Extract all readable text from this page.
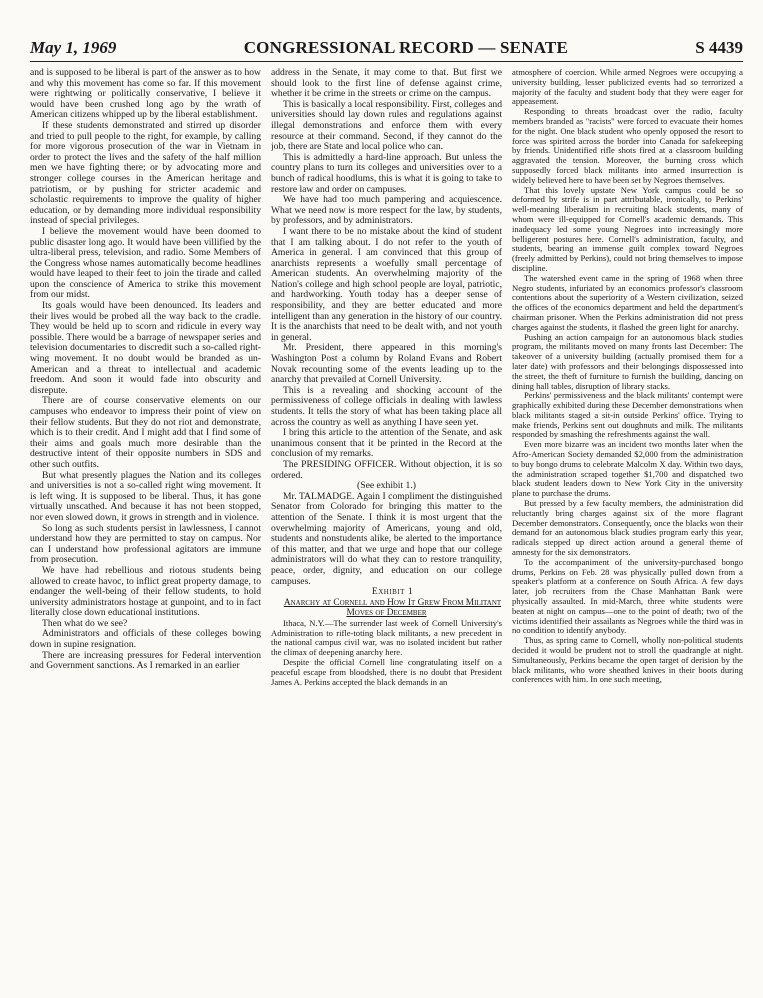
May 1, 1969	CONGRESSIONAL RECORD — SENATE	S 4439

and is supposed to be liberal is part of the answer as to how and why this movement has come so far. If this movement were rightwing or politically conservative, I believe it would have been crushed long ago by the wrath of American citizens whipped up by the liberal establishment.

If these students demonstrated and stirred up disorder and tried to pull people to the right, for example, by calling for more vigorous prosecution of the war in Vietnam in order to protect the lives and the safety of the half million men we have fighting there; or by advocating more and stronger college courses in the American heritage and patriotism, or by pushing for stricter academic and scholastic requirements to improve the quality of higher education, or by demanding more individual responsibility instead of special privileges.

I believe the movement would have been doomed to public disaster long ago. It would have been villified by the ultra-liberal press, television, and radio. Some Members of the Congress whose names automatically become headlines would have leaped to their feet to join the tirade and called upon the conscience of America to strike this movement from our midst.

Its goals would have been denounced. Its leaders and their lives would be probed all the way back to the cradle. They would be held up to scorn and ridicule in every way possible. There would be a barrage of newspaper series and television documentaries to discredit such a so-called right-wing movement. It no doubt would be branded as un-American and a threat to intellectual and academic freedom. And soon it would fade into obscurity and disrepute.

There are of course conservative elements on our campuses who endeavor to impress their point of view on their fellow students. But they do not riot and demonstrate, which is to their credit. And I might add that I find some of their aims and goals much more desirable than the destructive intent of their opposite numbers in SDS and other such outfits.

But what presently plagues the Nation and its colleges and universities is not a so-called right wing movement. It is left wing. It is supposed to be liberal. Thus, it has gone virtually unscathed. And because it has not been stopped, nor even slowed down, it grows in strength and in violence.

So long as such students persist in lawlessness, I cannot understand how they are permitted to stay on campus. Nor can I understand how professional agitators are immune from prosecution.

We have had rebellious and riotous students being allowed to create havoc, to inflict great property damage, to endanger the well-being of their fellow students, to hold university administrators hostage at gunpoint, and to in fact literally close down educational institutions.

Then what do we see?

Administrators and officials of these colleges bowing down in supine resignation.

There are increasing pressures for Federal intervention and Government sanctions. As I remarked in an earlier

address in the Senate, it may come to that. But first we should look to the first line of defense against crime, whether it be crime in the streets or crime on the campus.

This is basically a local responsibility. First, colleges and universities should lay down rules and regulations against illegal demonstrations and enforce them with every resource at their command. Second, if they cannot do the job, there are State and local police who can.

This is admittedly a hard-line approach. But unless the country plans to turn its colleges and universities over to a bunch of radical hoodlums, this is what it is going to take to restore law and order on campuses.

We have had too much pampering and acquiescence. What we need now is more respect for the law, by students, by professors, and by administrators.

I want there to be no mistake about the kind of student that I am talking about. I do not refer to the youth of America in general. I am convinced that this group of anarchists represents a woefully small percentage of American students. An overwhelming majority of the Nation's college and high school people are loyal, patriotic, and hardworking. Youth today has a deeper sense of responsibility, and they are better educated and more intelligent than any generation in the history of our country. It is the anarchists that need to be dealt with, and not youth in general.

Mr. President, there appeared in this morning's Washington Post a column by Roland Evans and Robert Novak recounting some of the events leading up to the anarchy that prevailed at Cornell University.

This is a revealing and shocking account of the permissiveness of college officials in dealing with lawless students. It tells the story of what has been taking place all across the country as well as anything I have seen yet.

I bring this article to the attention of the Senate, and ask unanimous consent that it be printed in the Record at the conclusion of my remarks.

The PRESIDING OFFICER. Without objection, it is so ordered.

(See exhibit 1.)

Mr. TALMADGE. Again I compliment the distinguished Senator from Colorado for bringing this matter to the attention of the Senate. I think it is most urgent that the overwhelming majority of Americans, young and old, students and nonstudents alike, be alerted to the importance of this matter, and that we urge and hope that our college administrators will do what they can to restore tranquility, peace, order, dignity, and education on our college campuses.

Exhibit 1

Anarchy at Cornell and How It Grew From Militant Moves of December

Ithaca, N.Y.—The surrender last week of Cornell University's Administration to rifle-toting black militants, a new precedent in the national campus civil war, was no isolated incident but rather the climax of deepening anarchy here.

Despite the official Cornell line congratulating itself on a peaceful escape from bloodshed, there is no doubt that President James A. Perkins accepted the black demands in an

atmosphere of coercion. While armed Negroes were occupying a university building, lesser publicized events had so terrorized a majority of the faculty and student body that they were eager for appeasement.

Responding to threats broadcast over the radio, faculty members branded as "racists" were forced to evacuate their homes for the night. One black student who openly opposed the resort to force was spirited across the border into Canada for safekeeping by friends. Unidentified rifle shots fired at a classroom building aggravated the tension. Moreover, the burning cross which supposedly forced black militants into armed insurrection is widely believed here to have been set by Negroes themselves.

That this lovely upstate New York campus could be so deformed by strife is in part attributable, ironically, to Perkins' well-meaning liberalism in recruiting black students, many of whom were ill-equipped for Cornell's academic demands. This inadequacy led some young Negroes into increasingly more belligerent postures here. Cornell's administration, faculty, and students, bearing an immense guilt complex toward Negroes (freely admitted by Perkins), could not bring themselves to impose discipline.

The watershed event came in the spring of 1968 when three Negro students, infuriated by an economics professor's classroom contentions about the superiority of a Western civilization, seized the offices of the economics department and held the department's chairman prisoner. When the Perkins administration did not press charges against the students, it flashed the green light for anarchy.

Pushing an action campaign for an autonomous black studies program, the militants moved on many fronts last December: The takeover of a university building (actually promised them for a later date) with professors and their belongings dispossessed into the street, the theft of furniture to furnish the building, dancing on dining hall tables, disruption of library stacks.

Perkins' permissiveness and the black militants' contempt were graphically exhibited during these December demonstrations when black militants staged a sit-in outside Perkins' office. Trying to make friends, Perkins sent out doughnuts and milk. The militants responded by smashing the refreshments against the wall.

Even more bizarre was an incident two months later when the Afro-American Society demanded $2,000 from the administration to buy bongo drums to celebrate Malcolm X day. Within two days, the administration scraped together $1,700 and dispatched two black student leaders down to New York City in the university plane to purchase the drums.

But pressed by a few faculty members, the administration did reluctantly bring charges against six of the more flagrant December demonstrators. Consequently, once the blacks won their demand for an autonomous black studies program early this year, radicals stepped up direct action around a general theme of amnesty for the six demonstrators.

To the accompaniment of the university-purchased bongo drums, Perkins on Feb. 28 was physically pulled down from a speaker's platform at a conference on South Africa. A few days later, job recruiters from the Chase Manhattan Bank were physically assaulted. In mid-March, three white students were beaten at night on campus—one to the point of death; two of the victims identified their assailants as Negroes while the third was in no condition to identify anybody.

Thus, as spring came to Cornell, wholly non-political students decided it would be prudent not to stroll the quadrangle at night. Simultaneously, Perkins became the open target of derision by the black militants, who wore sheathed knives in their boots during conferences with him. In one such meeting,
